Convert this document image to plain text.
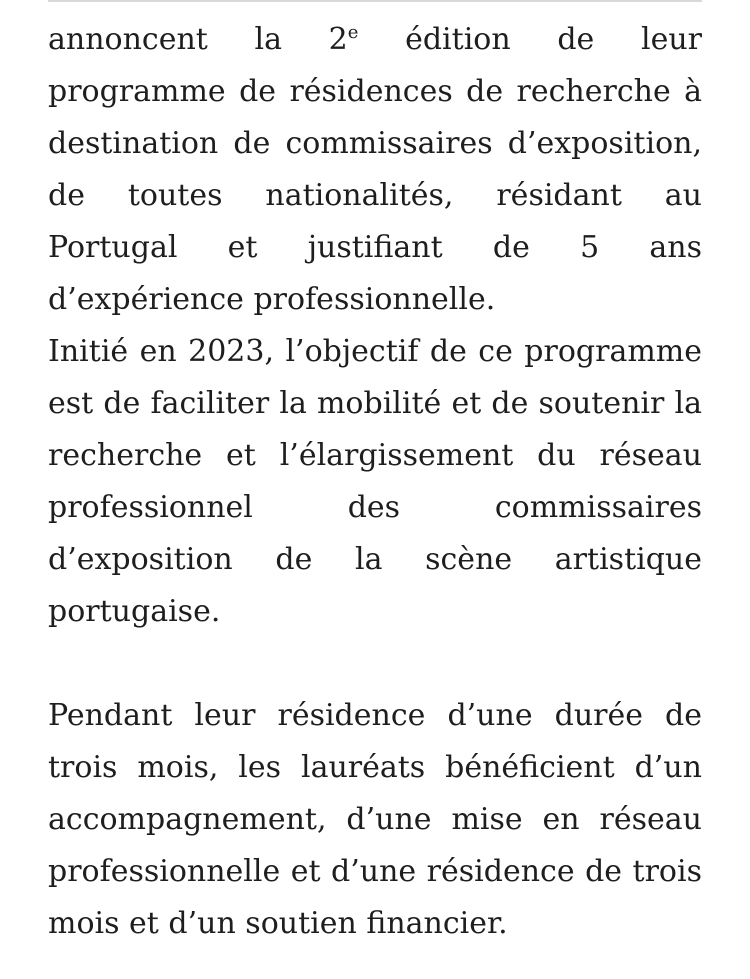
annoncent la 2e édition de leur programme de résidences de recherche à destination de commissaires d’exposition, de toutes nationalités, résidant au Portugal et justifiant de 5 ans d’expérience professionnelle.

Initié en 2023, l’objectif de ce programme est de faciliter la mobilité et de soutenir la recherche et l’élargissement du réseau professionnel des commissaires d’exposition de la scène artistique portugaise.

Pendant leur résidence d’une durée de trois mois, les lauréats bénéficient d’un accompagnement, d’une mise en réseau professionnelle et d’une résidence de trois mois et d’un soutien financier.
